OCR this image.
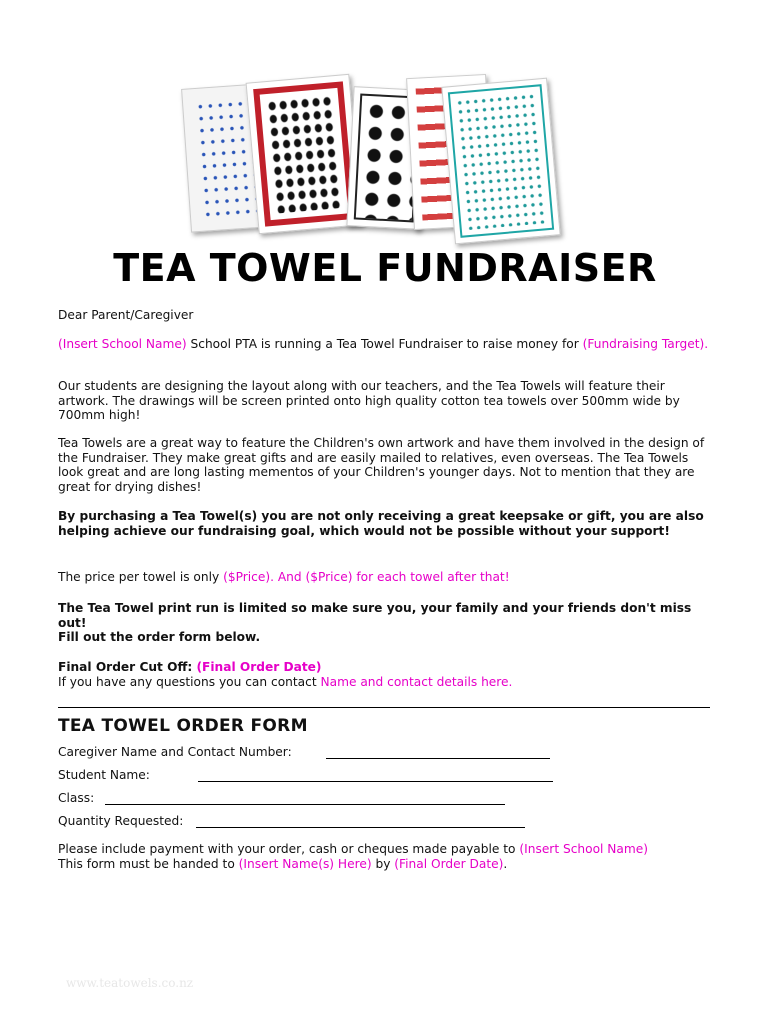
TEA TOWEL FUNDRAISER

Dear Parent/Caregiver

(Insert School Name) School PTA is running a Tea Towel Fundraiser to raise money for (Fundraising Target).

Our students are designing the layout along with our teachers, and the Tea Towels will feature their artwork. The drawings will be screen printed onto high quality cotton tea towels over 500mm wide by 700mm high!

Tea Towels are a great way to feature the Children's own artwork and have them involved in the design of the Fundraiser. They make great gifts and are easily mailed to relatives, even overseas. The Tea Towels look great and are long lasting mementos of your Children's younger days. Not to mention that they are great for drying dishes!

By purchasing a Tea Towel(s) you are not only receiving a great keepsake or gift, you are also helping achieve our fundraising goal, which would not be possible without your support!

The price per towel is only ($Price). And ($Price) for each towel after that!

The Tea Towel print run is limited so make sure you, your family and your friends don't miss out!

Fill out the order form below.

Final Order Cut Off: (Final Order Date)

If you have any questions you can contact Name and contact details here.

TEA TOWEL ORDER FORM
Caregiver Name and Contact Number:
Student Name:
Class:
Quantity Requested:

Please include payment with your order, cash or cheques made payable to (Insert School Name)

This form must be handed to (Insert Name(s) Here) by (Final Order Date).

www.teatowels.co.nz
